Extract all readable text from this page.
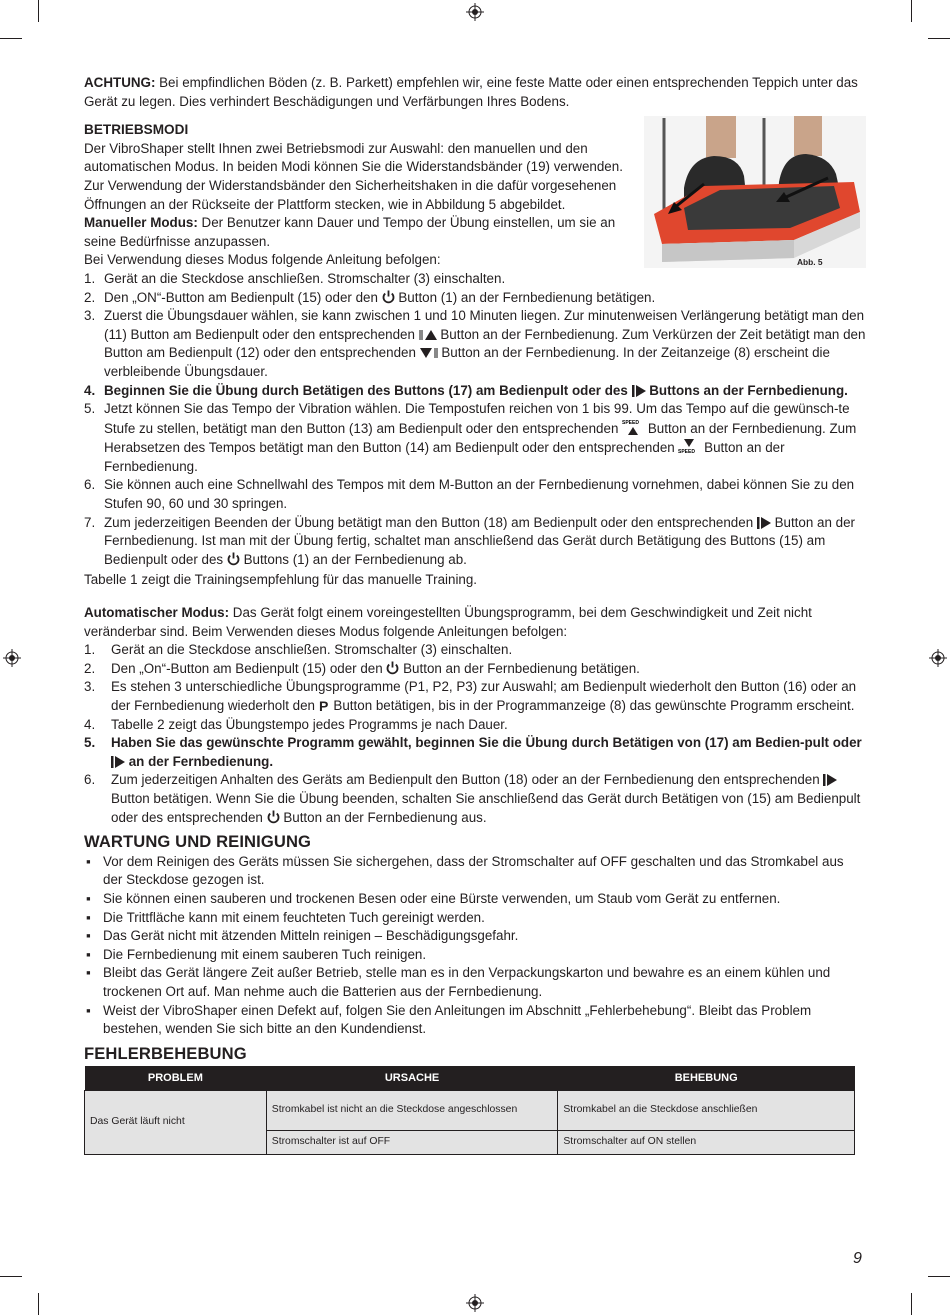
Abb. 5

ACHTUNG: Bei empfindlichen Böden (z. B. Parkett) empfehlen wir, eine feste Matte oder einen entsprechenden Teppich unter das Gerät zu legen. Dies verhindert Beschädigungen und Verfärbungen Ihres Bodens.

BETRIEBSMODI

Der VibroShaper stellt Ihnen zwei Betriebsmodi zur Auswahl: den manuellen und den automatischen Modus. In beiden Modi können Sie die Widerstandsbänder (19) verwenden. Zur Verwendung der Widerstandsbänder den Sicherheitshaken in die dafür vorgesehenen Öffnungen an der Rückseite der Plattform stecken, wie in Abbildung 5 abgebildet.

Manueller Modus: Der Benutzer kann Dauer und Tempo der Übung einstellen, um sie an seine Bedürfnisse anzupassen.

Bei Verwendung dieses Modus folgende Anleitung befolgen:

1. Gerät an die Steckdose anschließen. Stromschalter (3) einschalten.
2. Den „ON“-Button am Bedienpult (15) oder den
Button (1) an der Fernbedienung betätigen.
3. Zuerst die Übungsdauer wählen, sie kann zwischen 1 und 10 Minuten liegen. Zur minutenweisen Verlängerung betätigt man den (11) Button am Bedienpult oder den entsprechenden
Button an der Fernbedienung. Zum Verkürzen der Zeit betätigt man den Button am Bedienpult (12) oder den entsprechenden
Button an der Fernbedienung. In der Zeitanzeige (8) erscheint die verbleibende Übungsdauer.
4. Beginnen Sie die Übung durch Betätigen des Buttons (17) am Bedienpult oder des
Buttons an der Fernbedienung.
5. Jetzt können Sie das Tempo der Vibration wählen. Die Tempostufen reichen von 1 bis 99. Um das Tempo auf die gewünsch-te Stufe zu stellen, betätigt man den Button (13) am Bedienpult oder den entsprechenden SPEED Button an der Fernbedienung. Zum Herabsetzen des Tempos betätigt man den Button (14) am Bedienpult oder den entsprechenden SPEED Button an der Fernbedienung.
6. Sie können auch eine Schnellwahl des Tempos mit dem M-Button an der Fernbedienung vornehmen, dabei können Sie zu den Stufen 90, 60 und 30 springen.
7. Zum jederzeitigen Beenden der Übung betätigt man den Button (18) am Bedienpult oder den entsprechenden
Button an der Fernbedienung. Ist man mit der Übung fertig, schaltet man anschließend das Gerät durch Betätigung des Buttons (15) am Bedienpult oder des
Buttons (1) an der Fernbedienung ab.

Tabelle 1 zeigt die Trainingsempfehlung für das manuelle Training.

Automatischer Modus: Das Gerät folgt einem voreingestellten Übungsprogramm, bei dem Geschwindigkeit und Zeit nicht veränderbar sind. Beim Verwenden dieses Modus folgende Anleitungen befolgen:

1. Gerät an die Steckdose anschließen. Stromschalter (3) einschalten.
2. Den „On“-Button am Bedienpult (15) oder den
Button an der Fernbedienung betätigen.
3. Es stehen 3 unterschiedliche Übungsprogramme (P1, P2, P3) zur Auswahl; am Bedienpult wiederholt den Button (16) oder an der Fernbedienung wiederholt den P Button betätigen, bis in der Programmanzeige (8) das gewünschte Programm erscheint.
4. Tabelle 2 zeigt das Übungstempo jedes Programms je nach Dauer.
5. Haben Sie das gewünschte Programm gewählt, beginnen Sie die Übung durch Betätigen von (17) am Bedien-pult oder
an der Fernbedienung.
6. Zum jederzeitigen Anhalten des Geräts am Bedienpult den Button (18) oder an der Fernbedienung den entsprechenden
Button betätigen. Wenn Sie die Übung beenden, schalten Sie anschließend das Gerät durch Betätigen von (15) am Bedienpult oder des entsprechenden
Button an der Fernbedienung aus.

WARTUNG UND REINIGUNG

▪ Vor dem Reinigen des Geräts müssen Sie sichergehen, dass der Stromschalter auf OFF geschalten und das Stromkabel aus der Steckdose gezogen ist.
▪ Sie können einen sauberen und trockenen Besen oder eine Bürste verwenden, um Staub vom Gerät zu entfernen.
▪ Die Trittfläche kann mit einem feuchteten Tuch gereinigt werden.
▪ Das Gerät nicht mit ätzenden Mitteln reinigen – Beschädigungsgefahr.
▪ Die Fernbedienung mit einem sauberen Tuch reinigen.
▪ Bleibt das Gerät längere Zeit außer Betrieb, stelle man es in den Verpackungskarton und bewahre es an einem kühlen und trockenen Ort auf. Man nehme auch die Batterien aus der Fernbedienung.
▪ Weist der VibroShaper einen Defekt auf, folgen Sie den Anleitungen im Abschnitt „Fehlerbehebung“. Bleibt das Problem bestehen, wenden Sie sich bitte an den Kundendienst.

FEHLERBEHEBUNG

PROBLEM	URSACHE	BEHEBUNG
Das Gerät läuft nicht	Stromkabel ist nicht an die Steckdose angeschlossen	Stromkabel an die Steckdose anschließen
	Stromschalter ist auf OFF	Stromschalter auf ON stellen
9
